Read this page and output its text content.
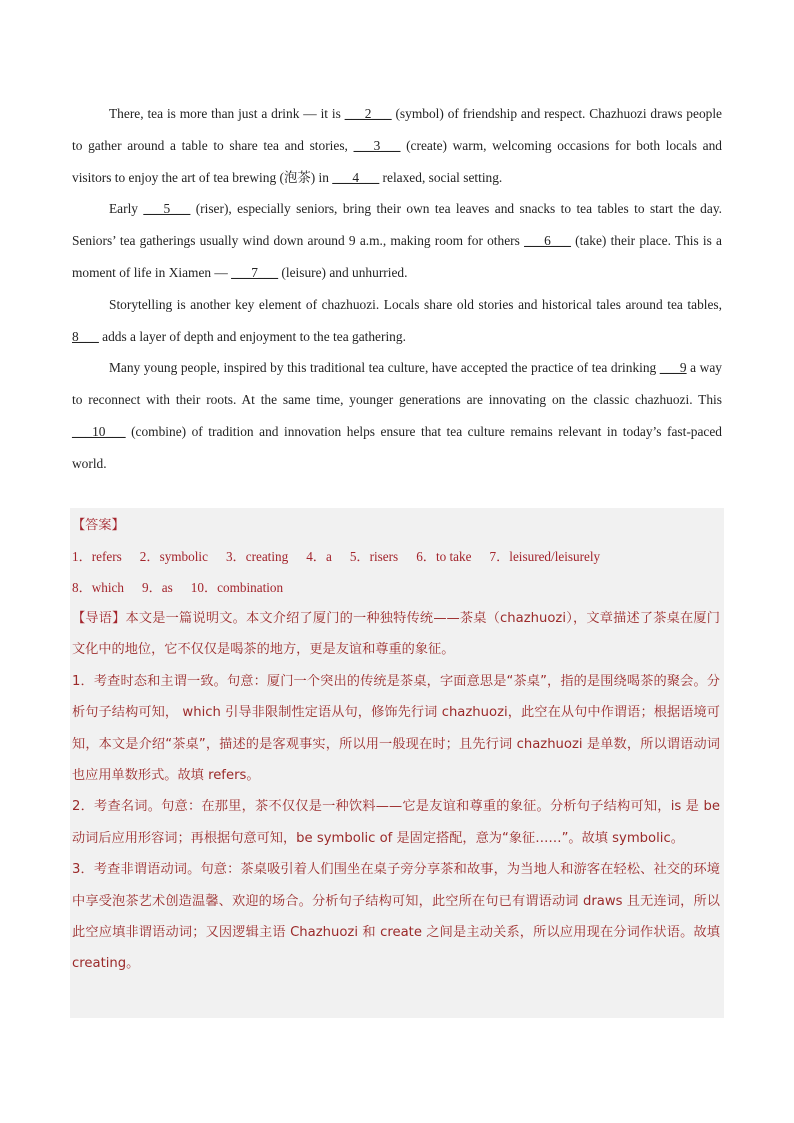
There, tea is more than just a drink — it is ___2___ (symbol) of friendship and respect. Chazhuozi draws people to gather around a table to share tea and stories, ___3___ (create) warm, welcoming occasions for both locals and visitors to enjoy the art of tea brewing (泡茶) in ___4___ relaxed, social setting.

Early ___5___ (riser), especially seniors, bring their own tea leaves and snacks to tea tables to start the day. Seniors’ tea gatherings usually wind down around 9 a.m., making room for others ___6___ (take) their place. This is a moment of life in Xiamen — ___7___ (leisure) and unhurried.

Storytelling is another key element of chazhuozi. Locals share old stories and historical tales around tea tables, 8___ adds a layer of depth and enjoyment to the tea gathering.

Many young people, inspired by this traditional tea culture, have accepted the practice of tea drinking ___9 a way to reconnect with their roots. At the same time, younger generations are innovating on the classic chazhuozi. This ___10___ (combine) of tradition and innovation helps ensure that tea culture remains relevant in today’s fast-paced world.

【答案】
1．refers 2．symbolic 3．creating 4．a 5．risers 6．to take 7．leisured/leisurely
8．which 9．as 10．combination

【导语】本文是一篇说明文。本文介绍了厦门的一种独特传统——茶桌（chazhuozi），文章描述了茶桌在厦门文化中的地位，它不仅仅是喝茶的地方，更是友谊和尊重的象征。

1．考查时态和主谓一致。句意：厦门一个突出的传统是茶桌，字面意思是“茶桌”，指的是围绕喝茶的聚会。分析句子结构可知， which 引导非限制性定语从句，修饰先行词 chazhuozi，此空在从句中作谓语；根据语境可知，本文是介绍“茶桌”，描述的是客观事实，所以用一般现在时；且先行词 chazhuozi 是单数，所以谓语动词也应用单数形式。故填 refers。

2．考查名词。句意：在那里，茶不仅仅是一种饮料——它是友谊和尊重的象征。分析句子结构可知，is 是 be 动词后应用形容词；再根据句意可知，be symbolic of 是固定搭配，意为“象征……”。故填 symbolic。

3．考查非谓语动词。句意：茶桌吸引着人们围坐在桌子旁分享茶和故事，为当地人和游客在轻松、社交的环境中享受泡茶艺术创造温馨、欢迎的场合。分析句子结构可知，此空所在句已有谓语动词 draws 且无连词，所以此空应填非谓语动词；又因逻辑主语 Chazhuozi 和 create 之间是主动关系，所以应用现在分词作状语。故填 creating。
